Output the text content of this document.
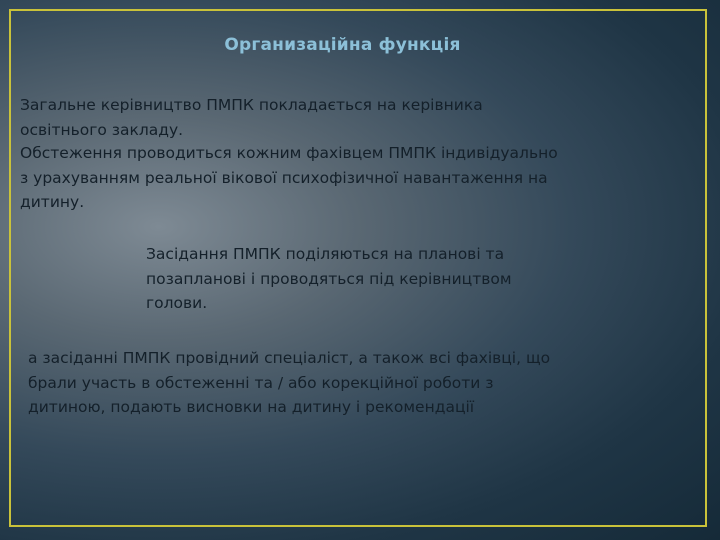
Организаційна функція

Загальне керівництво ПМПК покладається на керівника
освітнього закладу.

Обстеження проводиться кожним фахівцем ПМПК індивідуально
з урахуванням реальної вікової психофізичної навантаження на
дитину.

Засідання ПМПК поділяються на планові та
позапланові і проводяться під керівництвом
голови.

а засіданні ПМПК провідний спеціаліст, а також всі фахівці, що
брали участь в обстеженні та / або корекційної роботи з
дитиною, подають висновки на дитину і рекомендації
